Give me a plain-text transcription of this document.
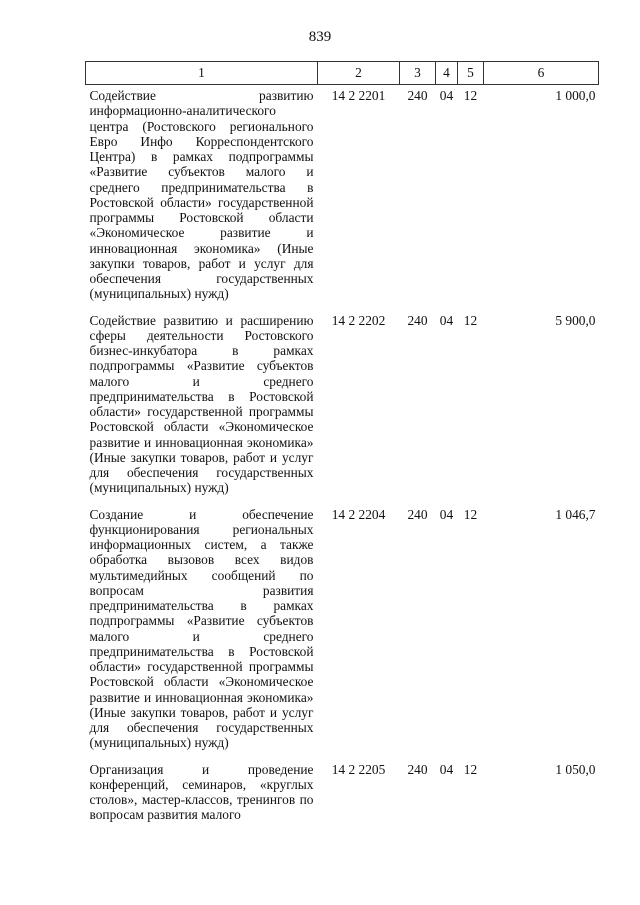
839
1	2	3	4	5	6
Содействие развитию информационно-аналитического центра (Ростовского регионального Евро Инфо Корреспондентского Центра) в рамках подпрограммы «Развитие субъектов малого и среднего предпринимательства в Ростовской области» государственной программы Ростовской области «Экономическое развитие и инновационная экономика» (Иные закупки товаров, работ и услуг для обеспечения государственных (муниципальных) нужд)	14 2 2201	240	04	12	1 000,0
Содействие развитию и расширению сферы деятельности Ростовского бизнес-инкубатора в рамках подпрограммы «Развитие субъектов малого и среднего предпринимательства в Ростовской области» государственной программы Ростовской области «Экономическое развитие и инновационная экономика» (Иные закупки товаров, работ и услуг для обеспечения государственных (муниципальных) нужд)	14 2 2202	240	04	12	5 900,0
Создание и обеспечение функционирования региональных информационных систем, а также обработка вызовов всех видов мультимедийных сообщений по вопросам развития предпринимательства в рамках подпрограммы «Развитие субъектов малого и среднего предпринимательства в Ростовской области» государственной программы Ростовской области «Экономическое развитие и инновационная экономика» (Иные закупки товаров, работ и услуг для обеспечения государственных (муниципальных) нужд)	14 2 2204	240	04	12	1 046,7
Организация и проведение конференций, семинаров, «круглых столов», мастер-классов, тренингов по вопросам развития малого	14 2 2205	240	04	12	1 050,0
